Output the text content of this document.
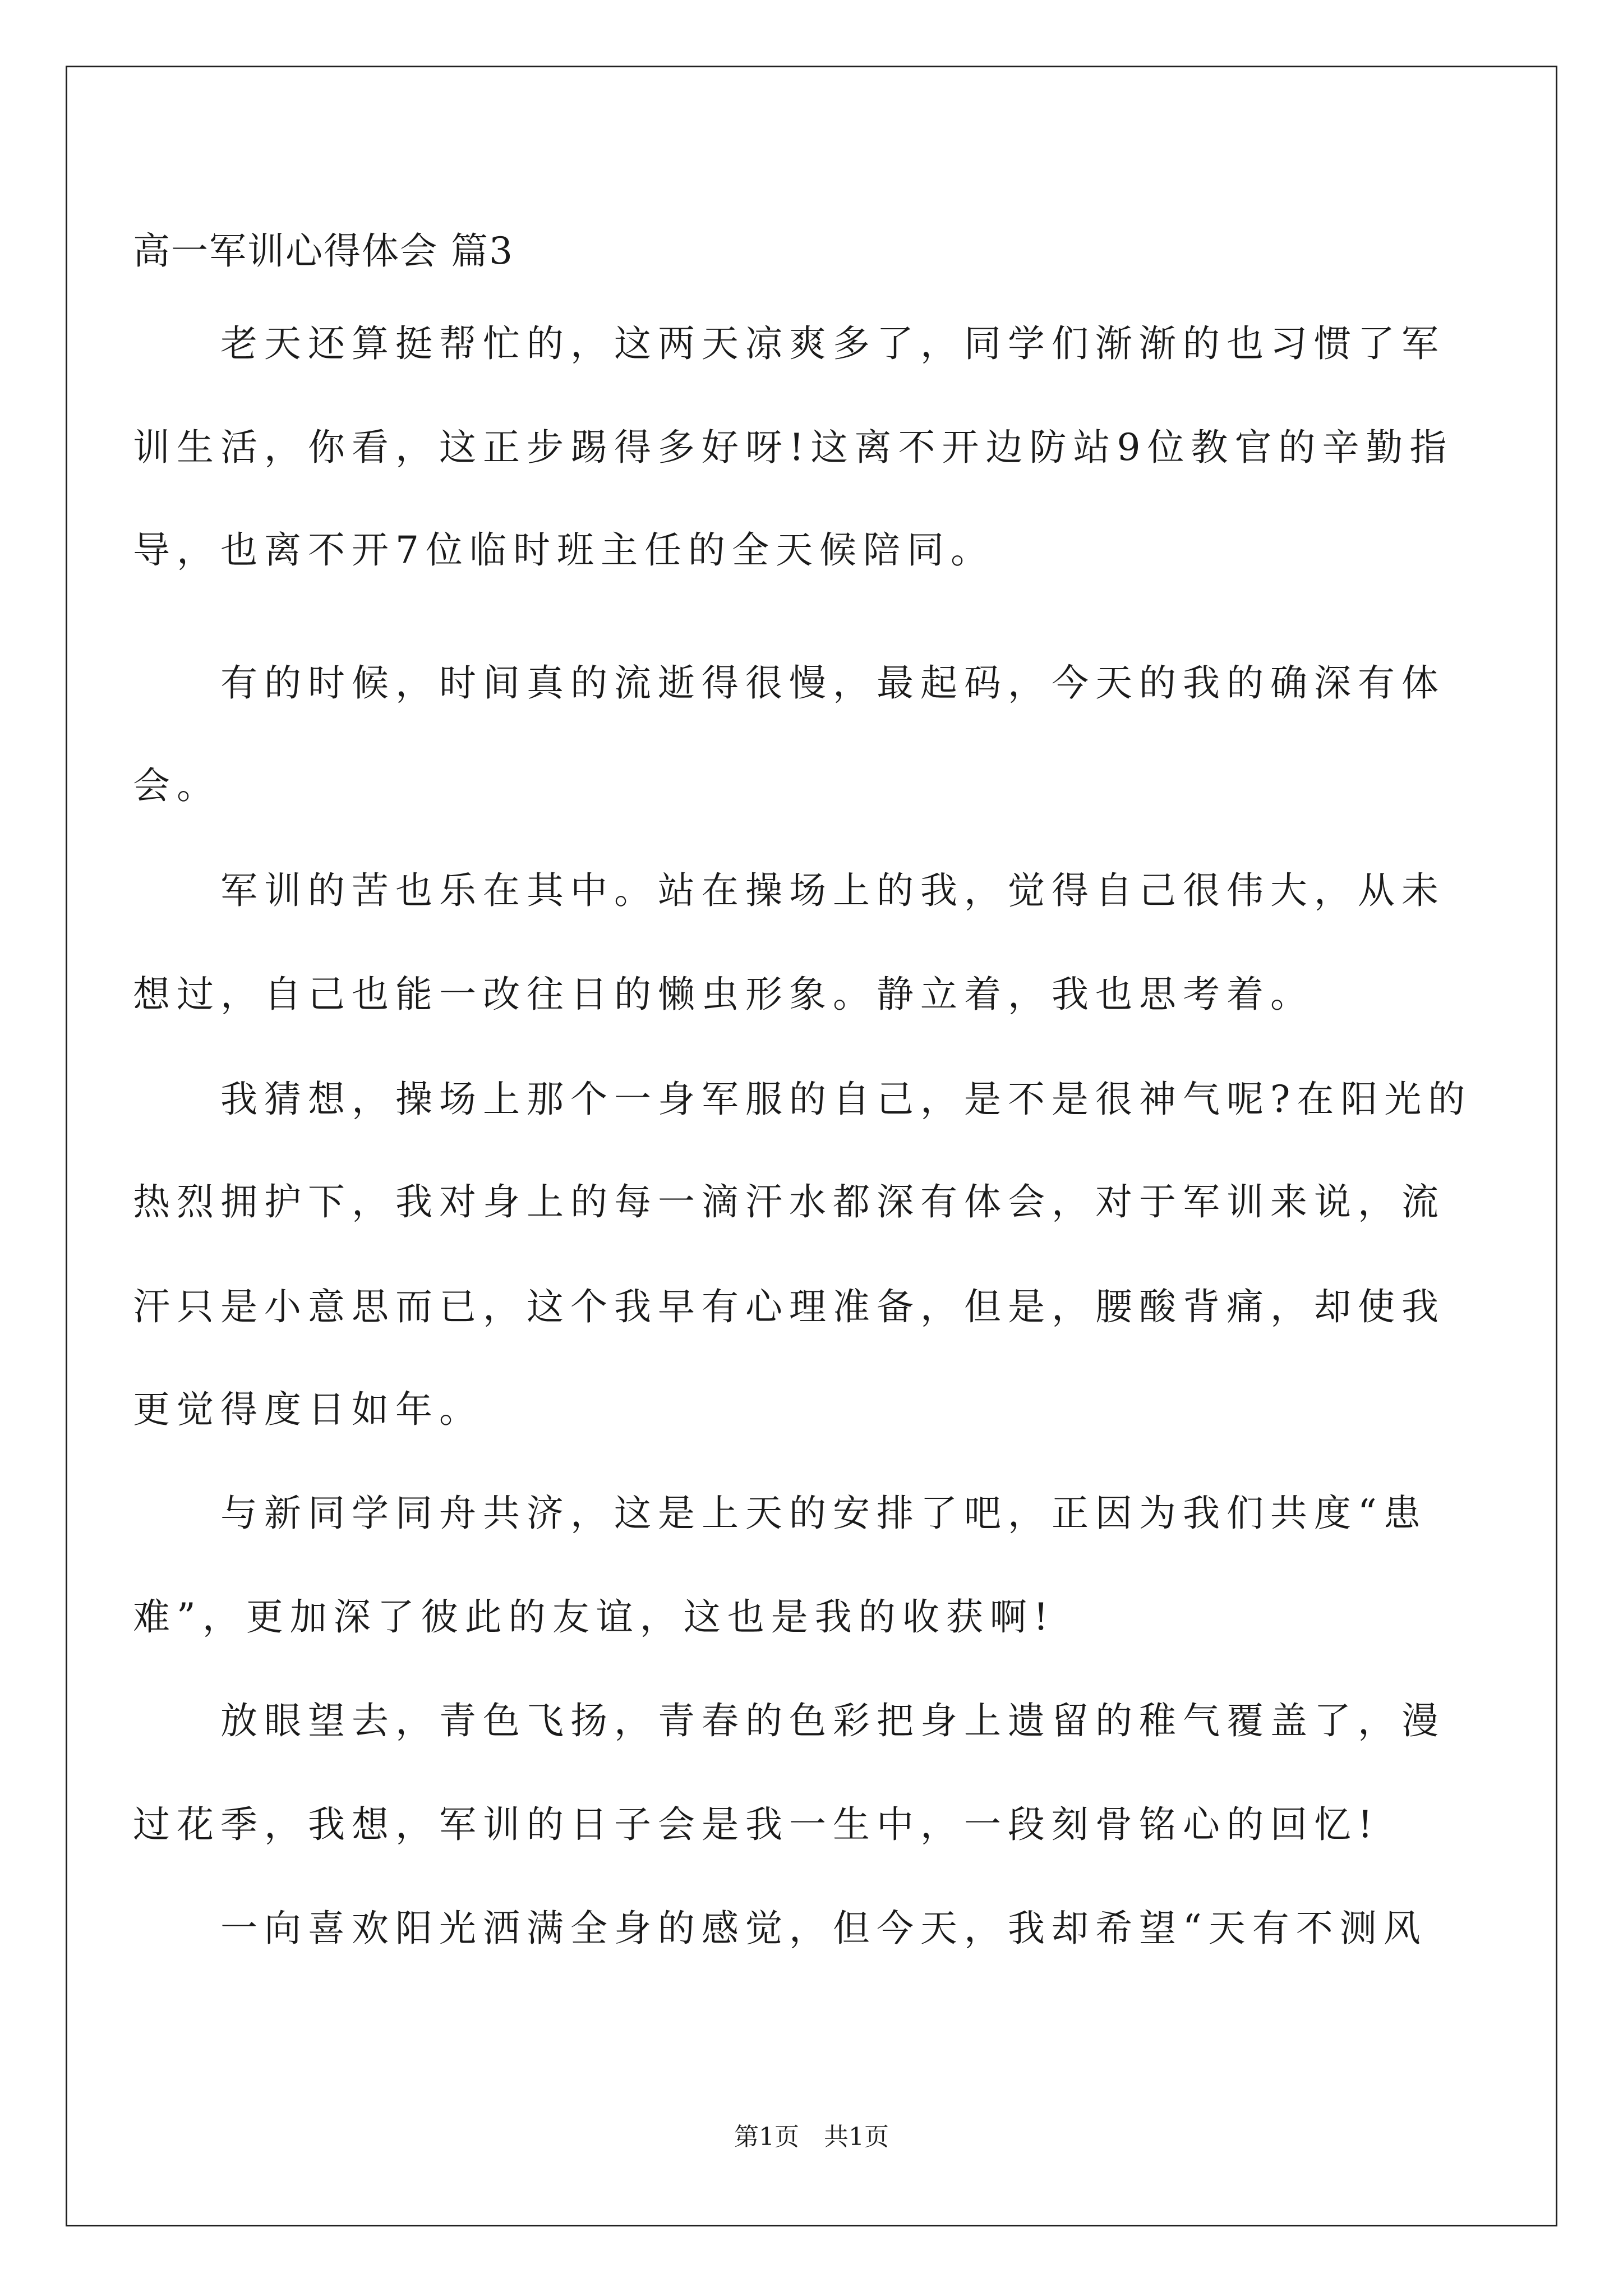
高一军训心得体会 篇3
　　老天还算挺帮忙的，这两天凉爽多了，同学们渐渐的也习惯了军
训生活，你看，这正步踢得多好呀!这离不开边防站9位教官的辛勤指
导，也离不开7位临时班主任的全天候陪同。
　　有的时候，时间真的流逝得很慢，最起码，今天的我的确深有体
会。
　　军训的苦也乐在其中。站在操场上的我，觉得自己很伟大，从未
想过，自己也能一改往日的懒虫形象。静立着，我也思考着。
　　我猜想，操场上那个一身军服的自己，是不是很神气呢?在阳光的
热烈拥护下，我对身上的每一滴汗水都深有体会，对于军训来说，流
汗只是小意思而已，这个我早有心理准备，但是，腰酸背痛，却使我
更觉得度日如年。
　　与新同学同舟共济，这是上天的安排了吧，正因为我们共度“患
难”，更加深了彼此的友谊，这也是我的收获啊!
　　放眼望去，青色飞扬，青春的色彩把身上遗留的稚气覆盖了，漫
过花季，我想，军训的日子会是我一生中，一段刻骨铭心的回忆!
　　一向喜欢阳光洒满全身的感觉，但今天，我却希望“天有不测风
第1页　共1页
